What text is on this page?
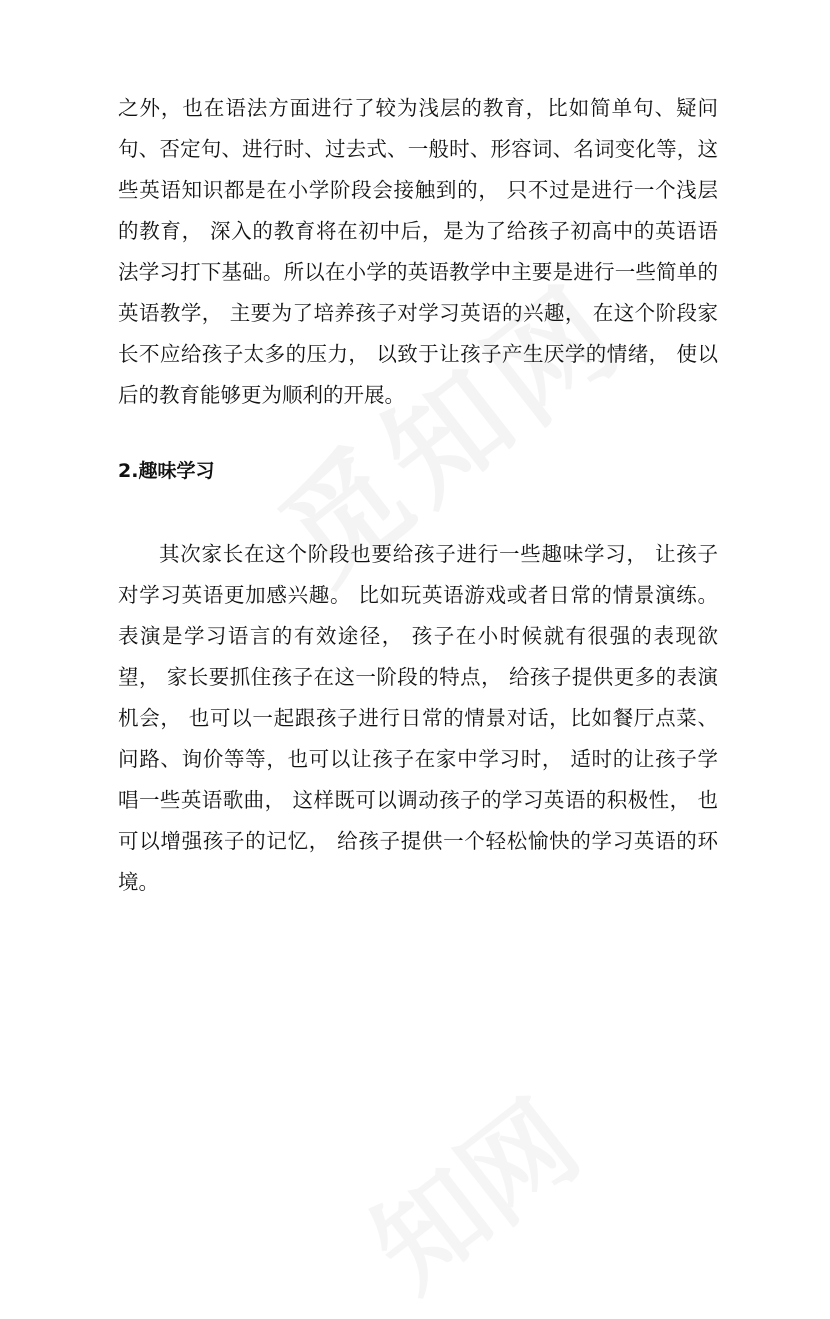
之外，也在语法方面进行了较为浅层的教育，比如简单句、疑问句、否定句、进行时、过去式、一般时、形容词、名词变化等，这些英语知识都是在小学阶段会接触到的， 只不过是进行一个浅层的教育， 深入的教育将在初中后，是为了给孩子初高中的英语语法学习打下基础。所以在小学的英语教学中主要是进行一些简单的英语教学， 主要为了培养孩子对学习英语的兴趣， 在这个阶段家长不应给孩子太多的压力， 以致于让孩子产生厌学的情绪， 使以后的教育能够更为顺利的开展。

2.趣味学习

其次家长在这个阶段也要给孩子进行一些趣味学习， 让孩子对学习英语更加感兴趣。 比如玩英语游戏或者日常的情景演练。 表演是学习语言的有效途径， 孩子在小时候就有很强的表现欲望， 家长要抓住孩子在这一阶段的特点， 给孩子提供更多的表演机会， 也可以一起跟孩子进行日常的情景对话，比如餐厅点菜、问路、询价等等，也可以让孩子在家中学习时， 适时的让孩子学唱一些英语歌曲， 这样既可以调动孩子的学习英语的积极性， 也可以增强孩子的记忆， 给孩子提供一个轻松愉快的学习英语的环境。
